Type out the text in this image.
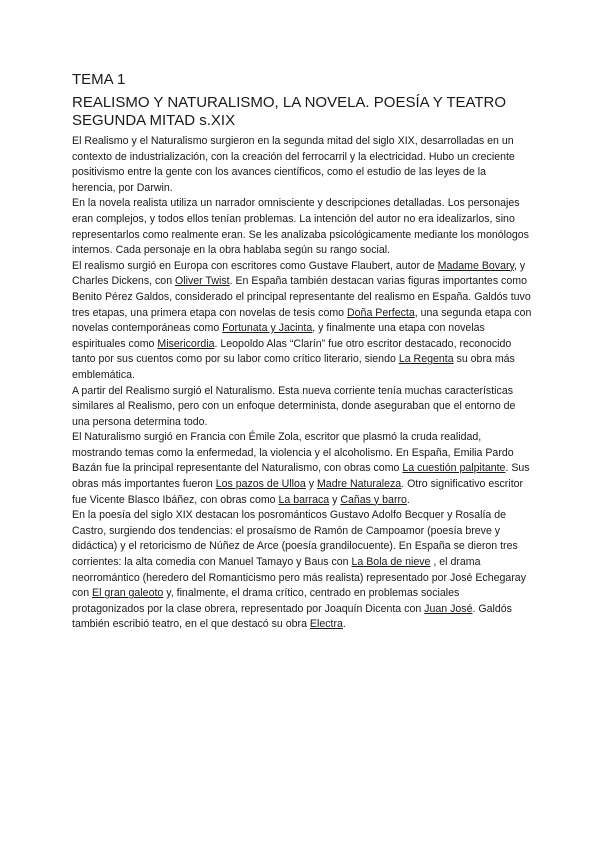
TEMA 1
REALISMO Y NATURALISMO, LA NOVELA. POESÍA Y TEATRO
SEGUNDA MITAD s.XIX

El Realismo y el Naturalismo surgieron en la segunda mitad del siglo XIX, desarrolladas en un contexto de industrialización, con la creación del ferrocarril y la electricidad. Hubo un creciente positivismo entre la gente con los avances científicos, como el estudio de las leyes de la herencia, por Darwin.

En la novela realista utiliza un narrador omnisciente y descripciones detalladas. Los personajes eran complejos, y todos ellos tenían problemas. La intención del autor no era idealizarlos, sino representarlos como realmente eran. Se les analizaba psicológicamente mediante los monólogos internos. Cada personaje en la obra hablaba según su rango social.

El realismo surgió en Europa con escritores como Gustave Flaubert, autor de Madame Bovary, y Charles Dickens, con Oliver Twist. En España también destacan varias figuras importantes como Benito Pérez Galdos, considerado el principal representante del realismo en España. Galdós tuvo tres etapas, una primera etapa con novelas de tesis como Doña Perfecta, una segunda etapa con novelas contemporáneas como Fortunata y Jacinta, y finalmente una etapa con novelas espirituales como Misericordia. Leopoldo Alas “Clarín” fue otro escritor destacado, reconocido tanto por sus cuentos como por su labor como crítico literario, siendo La Regenta su obra más emblemática.

A partir del Realismo surgió el Naturalismo. Esta nueva corriente tenía muchas características similares al Realismo, pero con un enfoque determinista, donde aseguraban que el entorno de una persona determina todo.

El Naturalismo surgió en Francia con Émile Zola, escritor que plasmó la cruda realidad, mostrando temas como la enfermedad, la violencia y el alcoholismo. En España, Emilia Pardo Bazán fue la principal representante del Naturalismo, con obras como La cuestión palpitante. Sus obras más importantes fueron Los pazos de Ulloa y Madre Naturaleza. Otro significativo escritor fue Vicente Blasco Ibáñez, con obras como La barraca y Cañas y barro.

En la poesía del siglo XIX destacan los posrománticos Gustavo Adolfo Becquer y Rosalía de Castro, surgiendo dos tendencias: el prosaísmo de Ramón de Campoamor (poesía breve y didáctica) y el retoricismo de Núñez de Arce (poesía grandilocuente). En España se dieron tres corrientes: la alta comedia con Manuel Tamayo y Baus con La Bola de nieve , el drama neorromántico (heredero del Romanticismo pero más realista) representado por José Echegaray con El gran galeoto y, finalmente, el drama crítico, centrado en problemas sociales protagonizados por la clase obrera, representado por Joaquín Dicenta con Juan José. Galdós también escribió teatro, en el que destacó su obra Electra.
